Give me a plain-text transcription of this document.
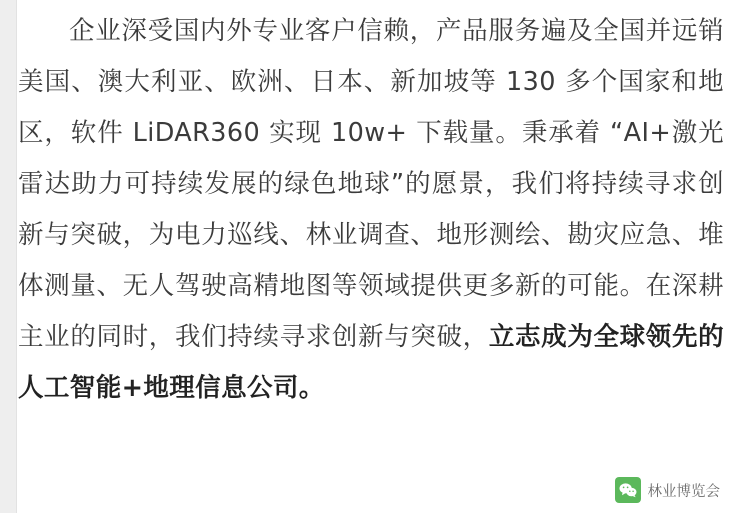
企业深受国内外专业客户信赖，产品服务遍及全国并远销美国、澳大利亚、欧洲、日本、新加坡等 130 多个国家和地区，软件 LiDAR360 实现 10w+ 下载量。秉承着 “AI+激光雷达助力可持续发展的绿色地球”的愿景，我们将持续寻求创新与突破，为电力巡线、林业调查、地形测绘、勘灾应急、堆体测量、无人驾驶高精地图等领域提供更多新的可能。在深耕主业的同时，我们持续寻求创新与突破，立志成为全球领先的人工智能+地理信息公司。

林业博览会
